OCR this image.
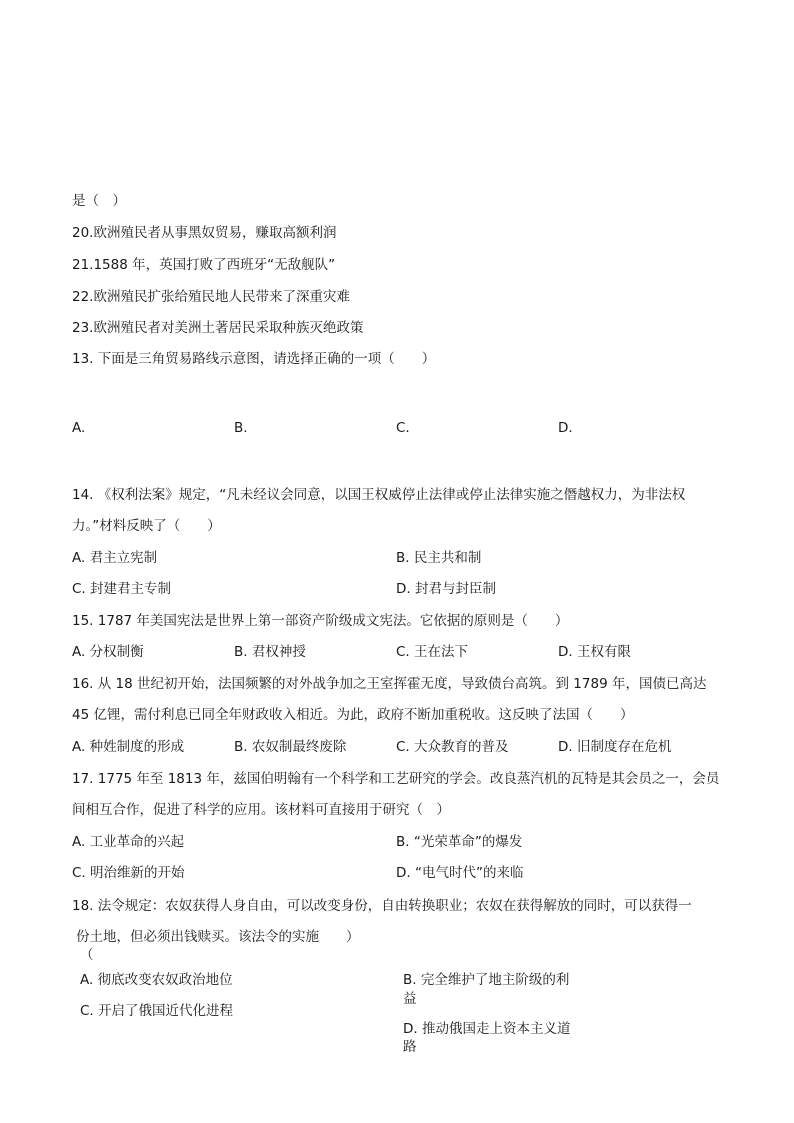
是（　）
20.欧洲殖民者从事黑奴贸易，赚取高额利润
21.1588 年，英国打败了西班牙“无敌舰队”
22.欧洲殖民扩张给殖民地人民带来了深重灾难
23.欧洲殖民者对美洲土著居民采取种族灭绝政策
13. 下面是三角贸易路线示意图，请选择正确的一项（　　）
A.	B.	C.	D.
14. 《权利法案》规定，“凡未经议会同意，以国王权威停止法律或停止法律实施之僭越权力，为非法权
力。”材料反映了（　　）
A. 君主立宪制	B. 民主共和制
C. 封建君主专制	D. 封君与封臣制
15. 1787 年美国宪法是世界上第一部资产阶级成文宪法。它依据的原则是（　　）
A. 分权制衡	B. 君权神授	C. 王在法下	D. 王权有限
16. 从 18 世纪初开始，法国频繁的对外战争加之王室挥霍无度，导致债台高筑。到 1789 年，国债已高达
45 亿锂，需付利息已同全年财政收入相近。为此，政府不断加重税收。这反映了法国（　　）
A. 种姓制度的形成	B. 农奴制最终废除	C. 大众教育的普及	D. 旧制度存在危机
17. 1775 年至 1813 年，兹国伯明翰有一个科学和工艺研究的学会。改良蒸汽机的瓦特是其会员之一，会员
间相互合作，促进了科学的应用。该材料可直接用于研究（　）
A. 工业革命的兴起	B. “光荣革命”的爆发
C. 明治维新的开始	D. “电气时代”的来临
18. 法令规定：农奴获得人身自由，可以改变身份，自由转换职业；农奴在获得解放的同时，可以获得一
份土地，但必须出钱赎买。该法令的实施　　）
（
A. 彻底改变农奴政治地位	B. 完全维护了地主阶级的利
益
C. 开启了俄国近代化进程
D. 推动俄国走上资本主义道
路
